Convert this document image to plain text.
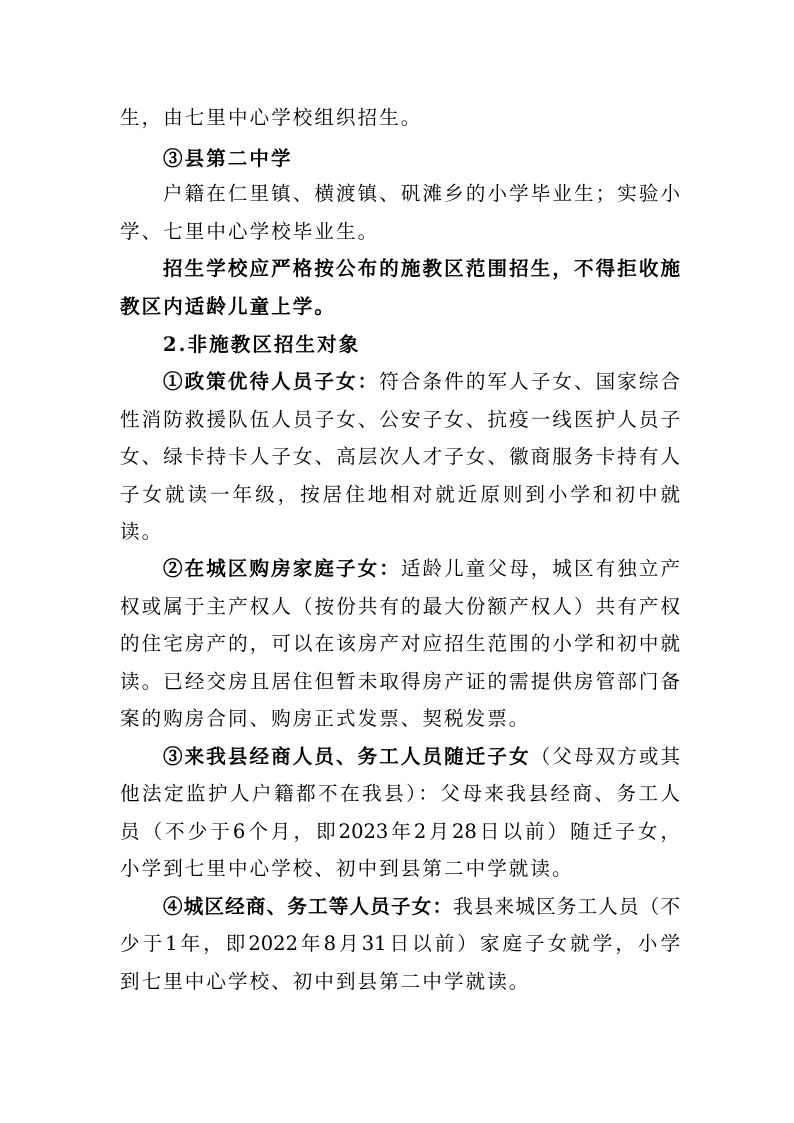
生，由七里中心学校组织招生。

③县第二中学

户籍在仁里镇、横渡镇、矾滩乡的小学毕业生；实验小

学、七里中心学校毕业生。

招生学校应严格按公布的施教区范围招生，不得拒收施

教区内适龄儿童上学。

2.非施教区招生对象

①政策优待人员子女：符合条件的军人子女、国家综合

性消防救援队伍人员子女、公安子女、抗疫一线医护人员子

女、绿卡持卡人子女、高层次人才子女、徽商服务卡持有人

子女就读一年级，按居住地相对就近原则到小学和初中就

读。

②在城区购房家庭子女：适龄儿童父母，城区有独立产

权或属于主产权人（按份共有的最大份额产权人）共有产权

的住宅房产的，可以在该房产对应招生范围的小学和初中就

读。已经交房且居住但暂未取得房产证的需提供房管部门备

案的购房合同、购房正式发票、契税发票。

③来我县经商人员、务工人员随迁子女（父母双方或其

他法定监护人户籍都不在我县）：父母来我县经商、务工人

员（不少于6个月，即2023年2月28日以前）随迁子女，

小学到七里中心学校、初中到县第二中学就读。

④城区经商、务工等人员子女：我县来城区务工人员（不

少于1年，即2022年8月31日以前）家庭子女就学，小学

到七里中心学校、初中到县第二中学就读。
